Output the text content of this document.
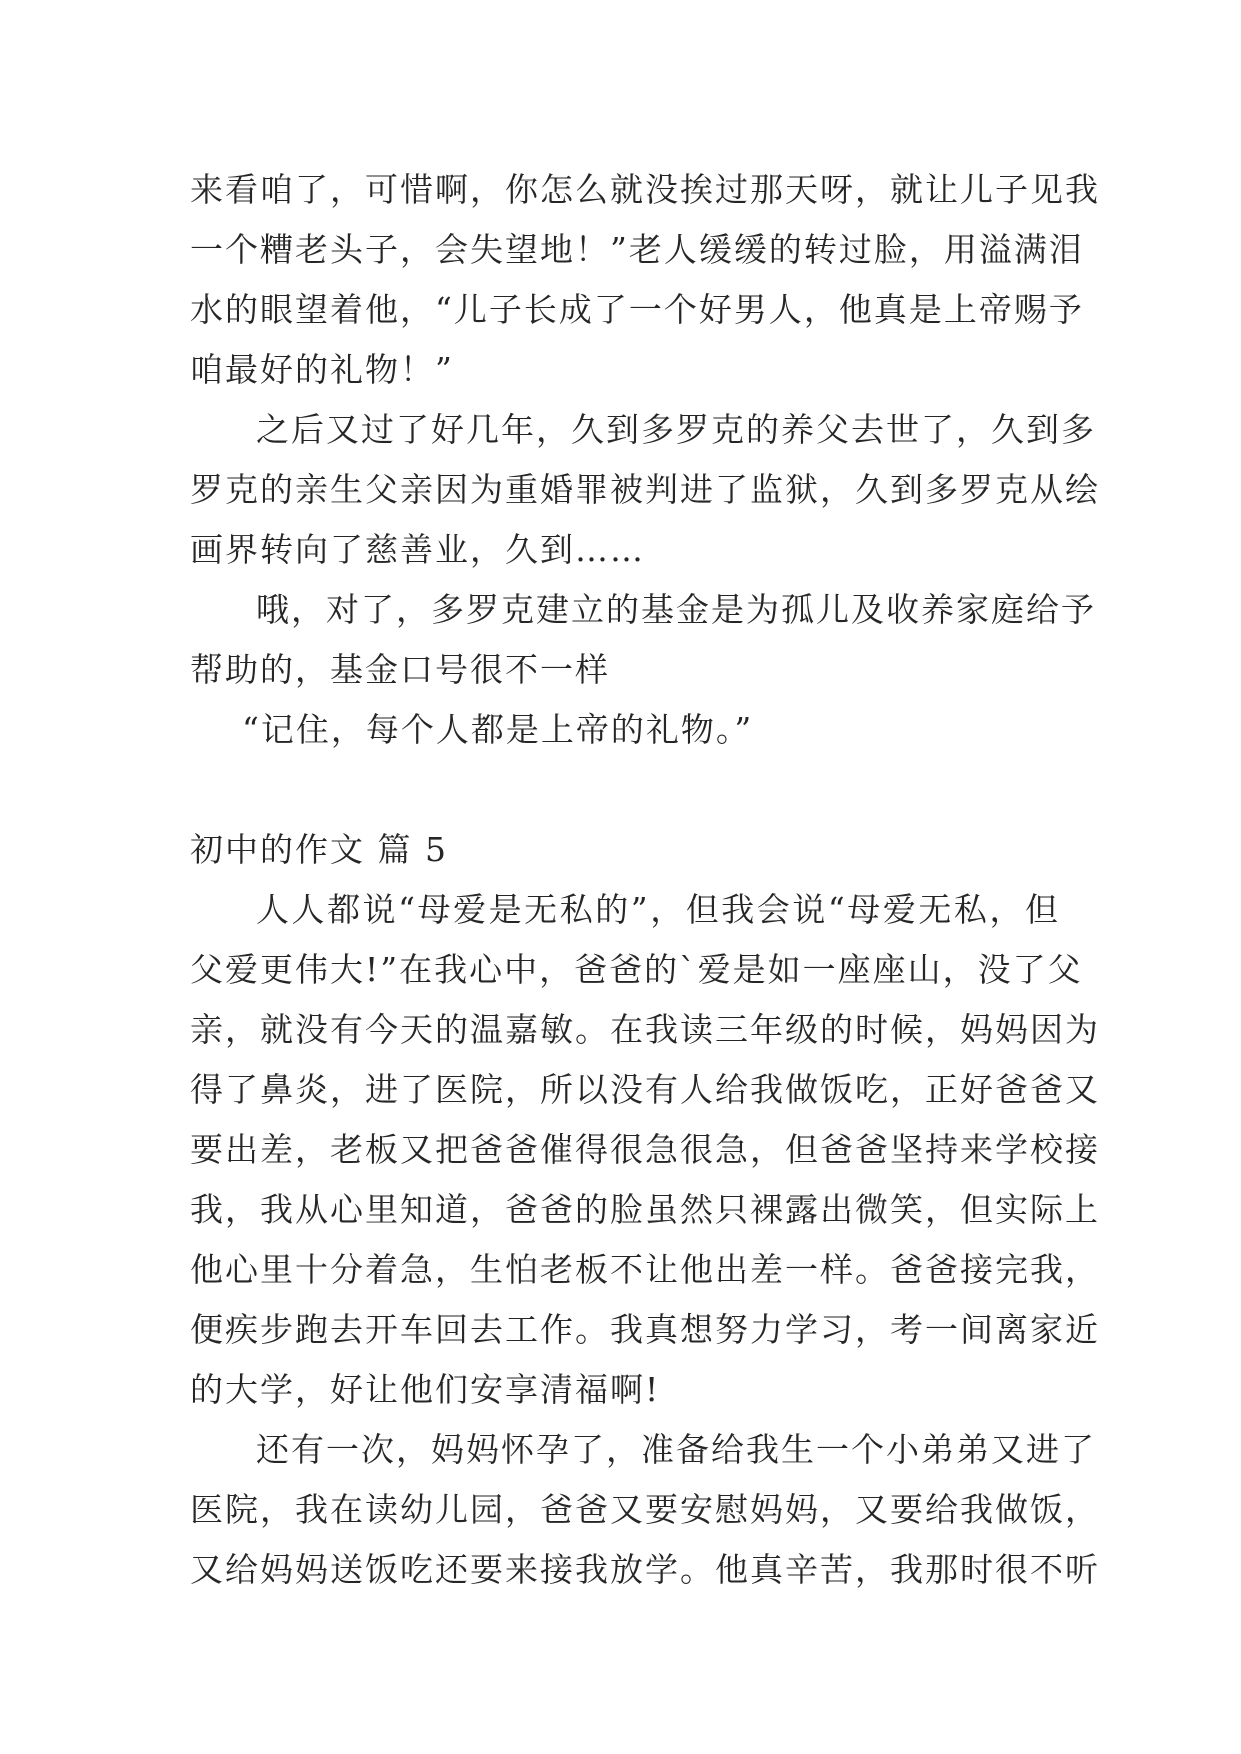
来看咱了，可惜啊，你怎么就没挨过那天呀，就让儿子见我
一个糟老头子，会失望地！”老人缓缓的转过脸，用溢满泪
水的眼望着他，“儿子长成了一个好男人，他真是上帝赐予
咱最好的礼物！”
之后又过了好几年，久到多罗克的养父去世了，久到多
罗克的亲生父亲因为重婚罪被判进了监狱，久到多罗克从绘
画界转向了慈善业，久到……
哦，对了，多罗克建立的基金是为孤儿及收养家庭给予
帮助的，基金口号很不一样
“记住，每个人都是上帝的礼物。”
初中的作文 篇 5
人人都说“母爱是无私的”，但我会说“母爱无私，但
父爱更伟大!”在我心中，爸爸的`爱是如一座座山，没了父
亲，就没有今天的温嘉敏。在我读三年级的时候，妈妈因为
得了鼻炎，进了医院，所以没有人给我做饭吃，正好爸爸又
要出差，老板又把爸爸催得很急很急，但爸爸坚持来学校接
我，我从心里知道，爸爸的脸虽然只裸露出微笑，但实际上
他心里十分着急，生怕老板不让他出差一样。爸爸接完我，
便疾步跑去开车回去工作。我真想努力学习，考一间离家近
的大学，好让他们安享清福啊!
还有一次，妈妈怀孕了，准备给我生一个小弟弟又进了
医院，我在读幼儿园，爸爸又要安慰妈妈，又要给我做饭，
又给妈妈送饭吃还要来接我放学。他真辛苦，我那时很不听
